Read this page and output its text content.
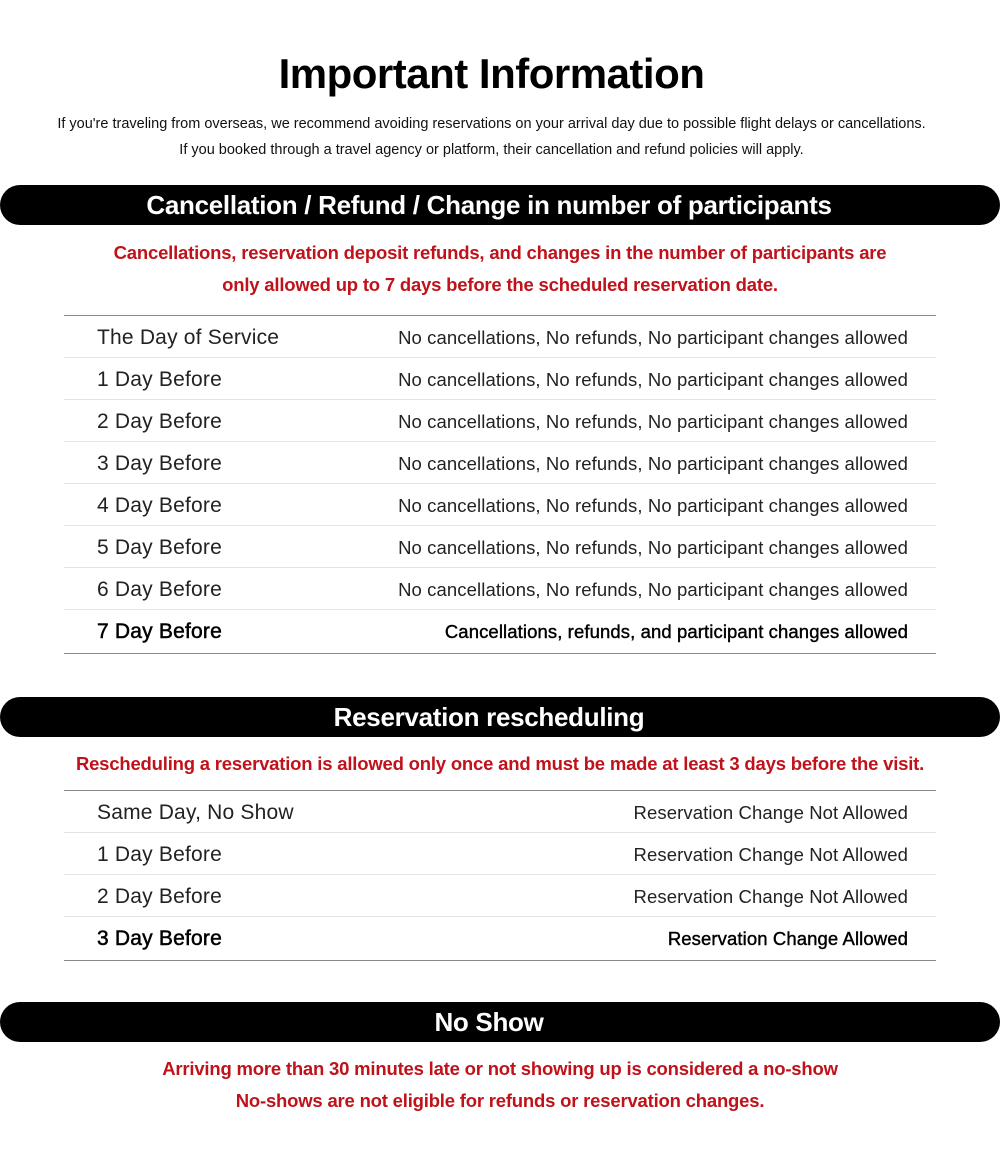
Important Information
If you're traveling from overseas, we recommend avoiding reservations on your arrival day due to possible flight delays or cancellations.
If you booked through a travel agency or platform, their cancellation and refund policies will apply.
Cancellation / Refund / Change in number of participants
Cancellations, reservation deposit refunds, and changes in the number of participants are
only allowed up to 7 days before the scheduled reservation date.
The Day of Service	No cancellations, No refunds, No participant changes allowed
1 Day Before	No cancellations, No refunds, No participant changes allowed
2 Day Before	No cancellations, No refunds, No participant changes allowed
3 Day Before	No cancellations, No refunds, No participant changes allowed
4 Day Before	No cancellations, No refunds, No participant changes allowed
5 Day Before	No cancellations, No refunds, No participant changes allowed
6 Day Before	No cancellations, No refunds, No participant changes allowed
7 Day Before	Cancellations, refunds, and participant changes allowed
Reservation rescheduling
Rescheduling a reservation is allowed only once and must be made at least 3 days before the visit.
Same Day, No Show	Reservation Change Not Allowed
1 Day Before	Reservation Change Not Allowed
2 Day Before	Reservation Change Not Allowed
3 Day Before	Reservation Change Allowed
No Show
Arriving more than 30 minutes late or not showing up is considered a no-show
No-shows are not eligible for refunds or reservation changes.
